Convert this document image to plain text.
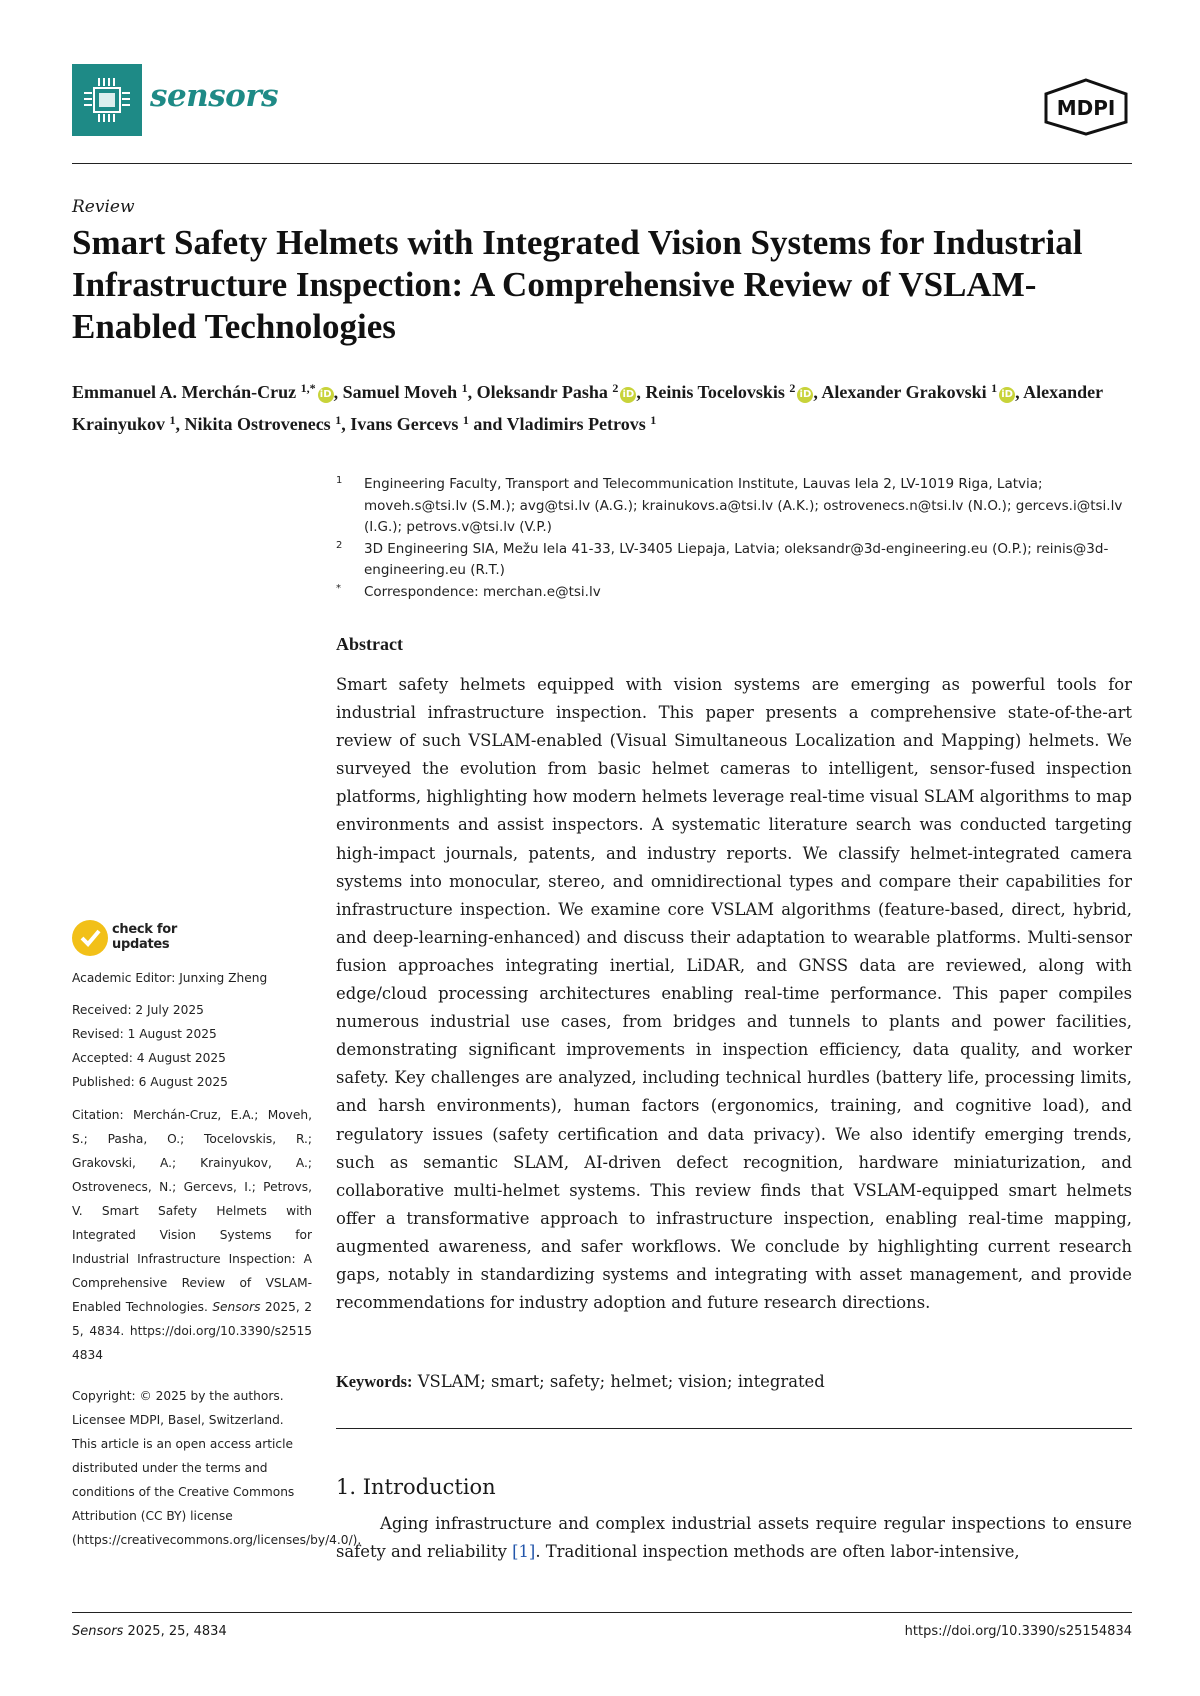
sensors	MDPI
Review
Smart Safety Helmets with Integrated Vision Systems for Industrial Infrastructure Inspection: A Comprehensive Review of VSLAM-Enabled Technologies
Emmanuel A. Merchán-Cruz $^{1,*}$ iD , Samuel Moveh $^1$, Oleksandr Pasha $^2$ iD , Reinis Tocelovskis $^2$ iD , Alexander Grakovski $^1$ iD , Alexander Krainyukov $^1$, Nikita Ostrovenecs $^1$, Ivans Gercevs $^1$ and Vladimirs Petrovs $^1$
1 Engineering Faculty, Transport and Telecommunication Institute, Lauvas Iela 2, LV-1019 Riga, Latvia; moveh.s@tsi.lv (S.M.); avg@tsi.lv (A.G.); krainukovs.a@tsi.lv (A.K.); ostrovenecs.n@tsi.lv (N.O.); gercevs.i@tsi.lv (I.G.); petrovs.v@tsi.lv (V.P.)
2 3D Engineering SIA, Mežu Iela 41-33, LV-3405 Liepaja, Latvia; oleksandr@3d-engineering.eu (O.P.); reinis@3d-engineering.eu (R.T.)
* Correspondence: merchan.e@tsi.lv
check for
updates
Academic Editor: Junxing Zheng
Received: 2 July 2025
Revised: 1 August 2025
Accepted: 4 August 2025
Published: 6 August 2025
Citation: Merchán-Cruz, E.A.; Moveh, S.; Pasha, O.; Tocelovskis, R.; Grakovski, A.; Krainyukov, A.; Ostrovenecs, N.; Gercevs, I.; Petrovs, V. Smart Safety Helmets with Integrated Vision Systems for Industrial Infrastructure Inspection: A Comprehensive Review of VSLAM-Enabled Technologies. Sensors 2025, 25, 4834. https://doi.org/10.3390/s25154834
Copyright: © 2025 by the authors. Licensee MDPI, Basel, Switzerland. This article is an open access article distributed under the terms and conditions of the Creative Commons Attribution (CC BY) license (https://creativecommons.org/licenses/by/4.0/).
Abstract

Smart safety helmets equipped with vision systems are emerging as powerful tools for industrial infrastructure inspection. This paper presents a comprehensive state-of-the-art review of such VSLAM-enabled (Visual Simultaneous Localization and Mapping) helmets. We surveyed the evolution from basic helmet cameras to intelligent, sensor-fused inspection platforms, highlighting how modern helmets leverage real-time visual SLAM algorithms to map environments and assist inspectors. A systematic literature search was conducted targeting high-impact journals, patents, and industry reports. We classify helmet-integrated camera systems into monocular, stereo, and omnidirectional types and compare their capabilities for infrastructure inspection. We examine core VSLAM algorithms (feature-based, direct, hybrid, and deep-learning-enhanced) and discuss their adaptation to wearable platforms. Multi-sensor fusion approaches integrating inertial, LiDAR, and GNSS data are reviewed, along with edge/cloud processing architectures enabling real-time performance. This paper compiles numerous industrial use cases, from bridges and tunnels to plants and power facilities, demonstrating significant improvements in inspection efficiency, data quality, and worker safety. Key challenges are analyzed, including technical hurdles (battery life, processing limits, and harsh environments), human factors (ergonomics, training, and cognitive load), and regulatory issues (safety certification and data privacy). We also identify emerging trends, such as semantic SLAM, AI-driven defect recognition, hardware miniaturization, and collaborative multi-helmet systems. This review finds that VSLAM-equipped smart helmets offer a transformative approach to infrastructure inspection, enabling real-time mapping, augmented awareness, and safer workflows. We conclude by highlighting current research gaps, notably in standardizing systems and integrating with asset management, and provide recommendations for industry adoption and future research directions.

Keywords: VSLAM; smart; safety; helmet; vision; integrated
1. Introduction

Aging infrastructure and complex industrial assets require regular inspections to ensure safety and reliability [1]. Traditional inspection methods are often labor-intensive,

Sensors 2025, 25, 4834	https://doi.org/10.3390/s25154834
